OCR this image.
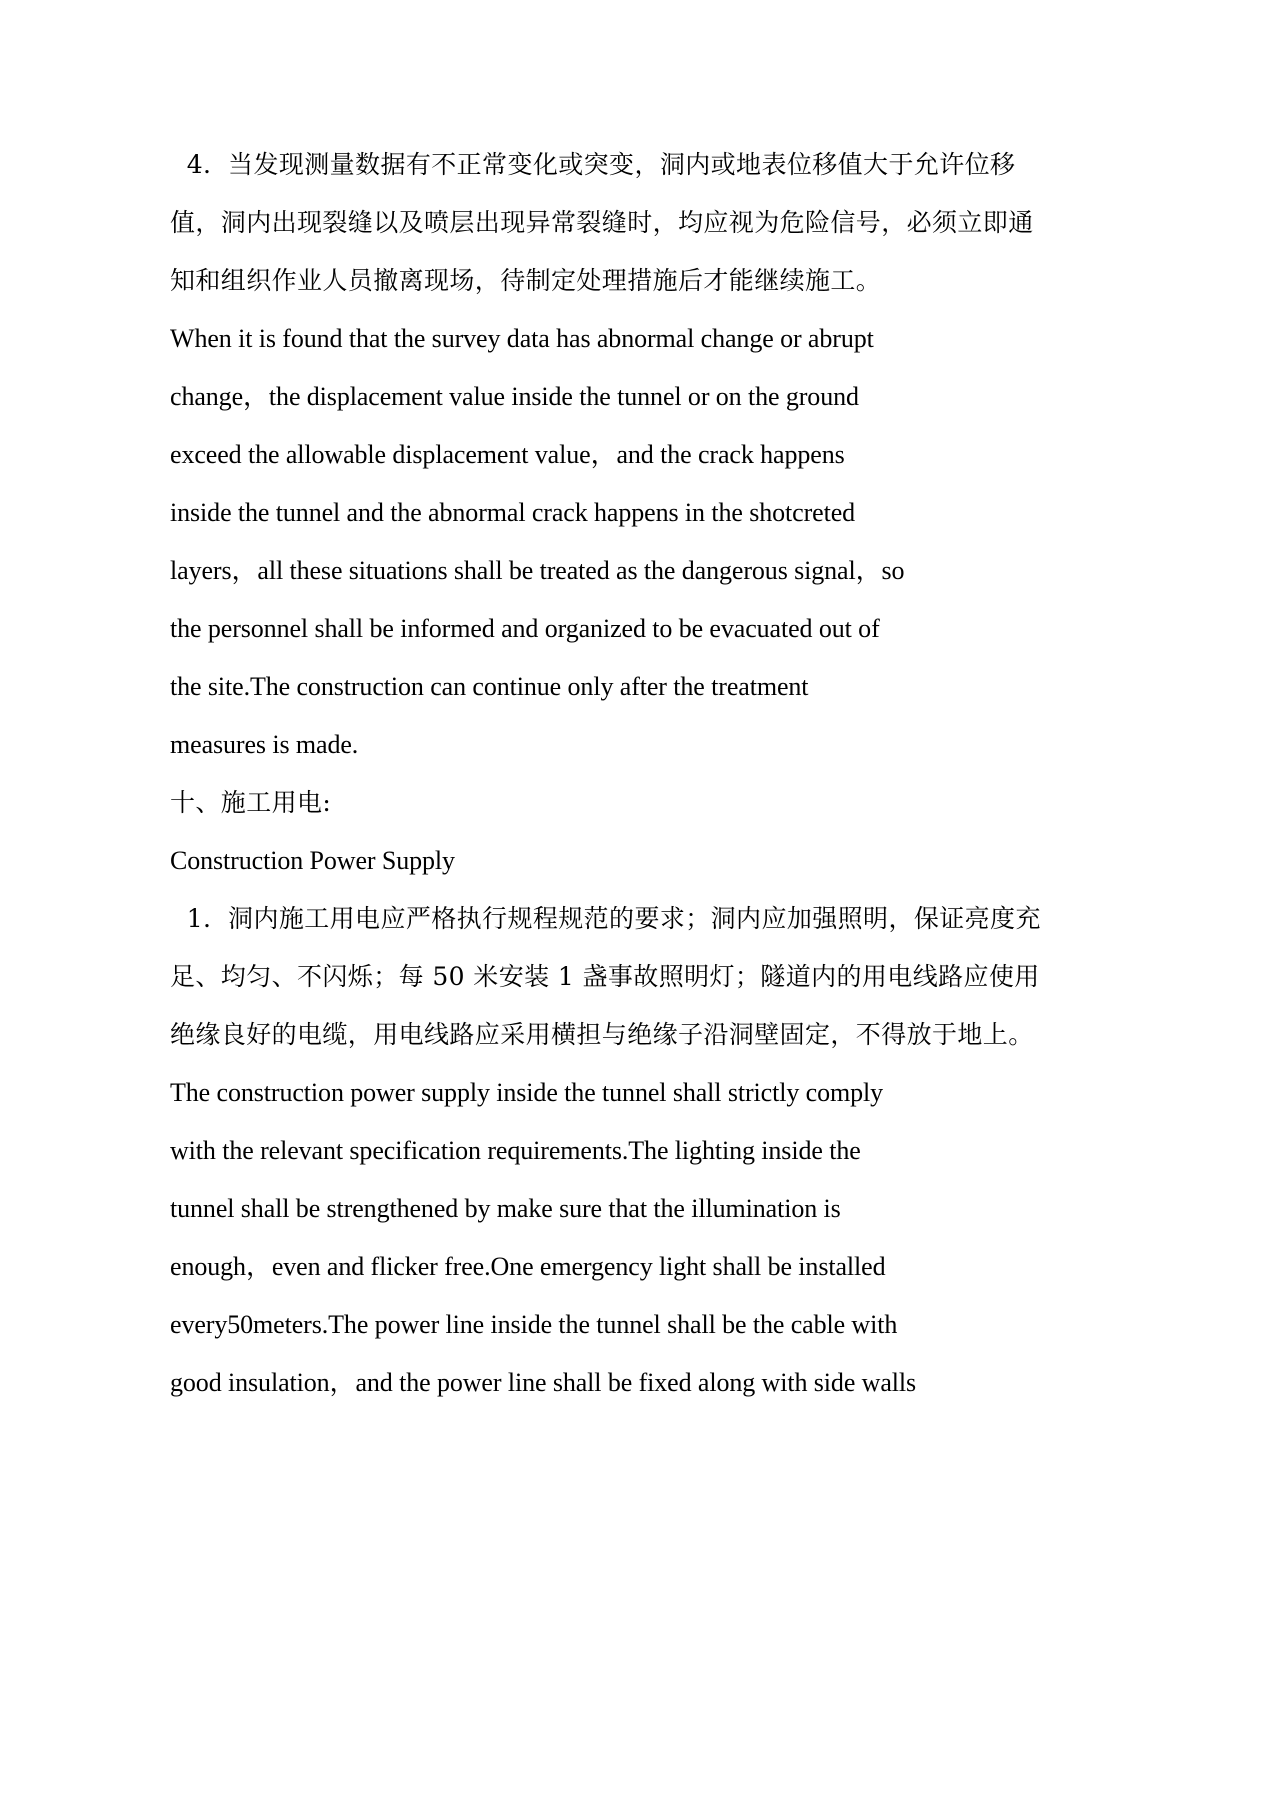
4.  当发现测量数据有不正常变化或突变，洞内或地表位移值大于允许位移
值，洞内出现裂缝以及喷层出现异常裂缝时，均应视为危险信号，必须立即通
知和组织作业人员撤离现场，待制定处理措施后才能继续施工。
When it is found that the survey data has abnormal change or abrupt
change，the displacement value inside the tunnel or on the ground
exceed the allowable displacement value，and the crack happens
inside the tunnel and the abnormal crack happens in the shotcreted
layers，all these situations shall be treated as the dangerous signal，so
the personnel shall be informed and organized to be evacuated out of
the site.The construction can continue only after the treatment
measures is made.
十、施工用电:
Construction Power Supply
1.  洞内施工用电应严格执行规程规范的要求；洞内应加强照明，保证亮度充
足、均匀、不闪烁；每 50 米安装 1 盏事故照明灯；隧道内的用电线路应使用
绝缘良好的电缆，用电线路应采用横担与绝缘子沿洞壁固定，不得放于地上。
The construction power supply inside the tunnel shall strictly comply
with the relevant specification requirements.The lighting inside the
tunnel shall be strengthened by make sure that the illumination is
enough，even and flicker free.One emergency light shall be installed
every50meters.The power line inside the tunnel shall be the cable with
good insulation，and the power line shall be fixed along with side walls
